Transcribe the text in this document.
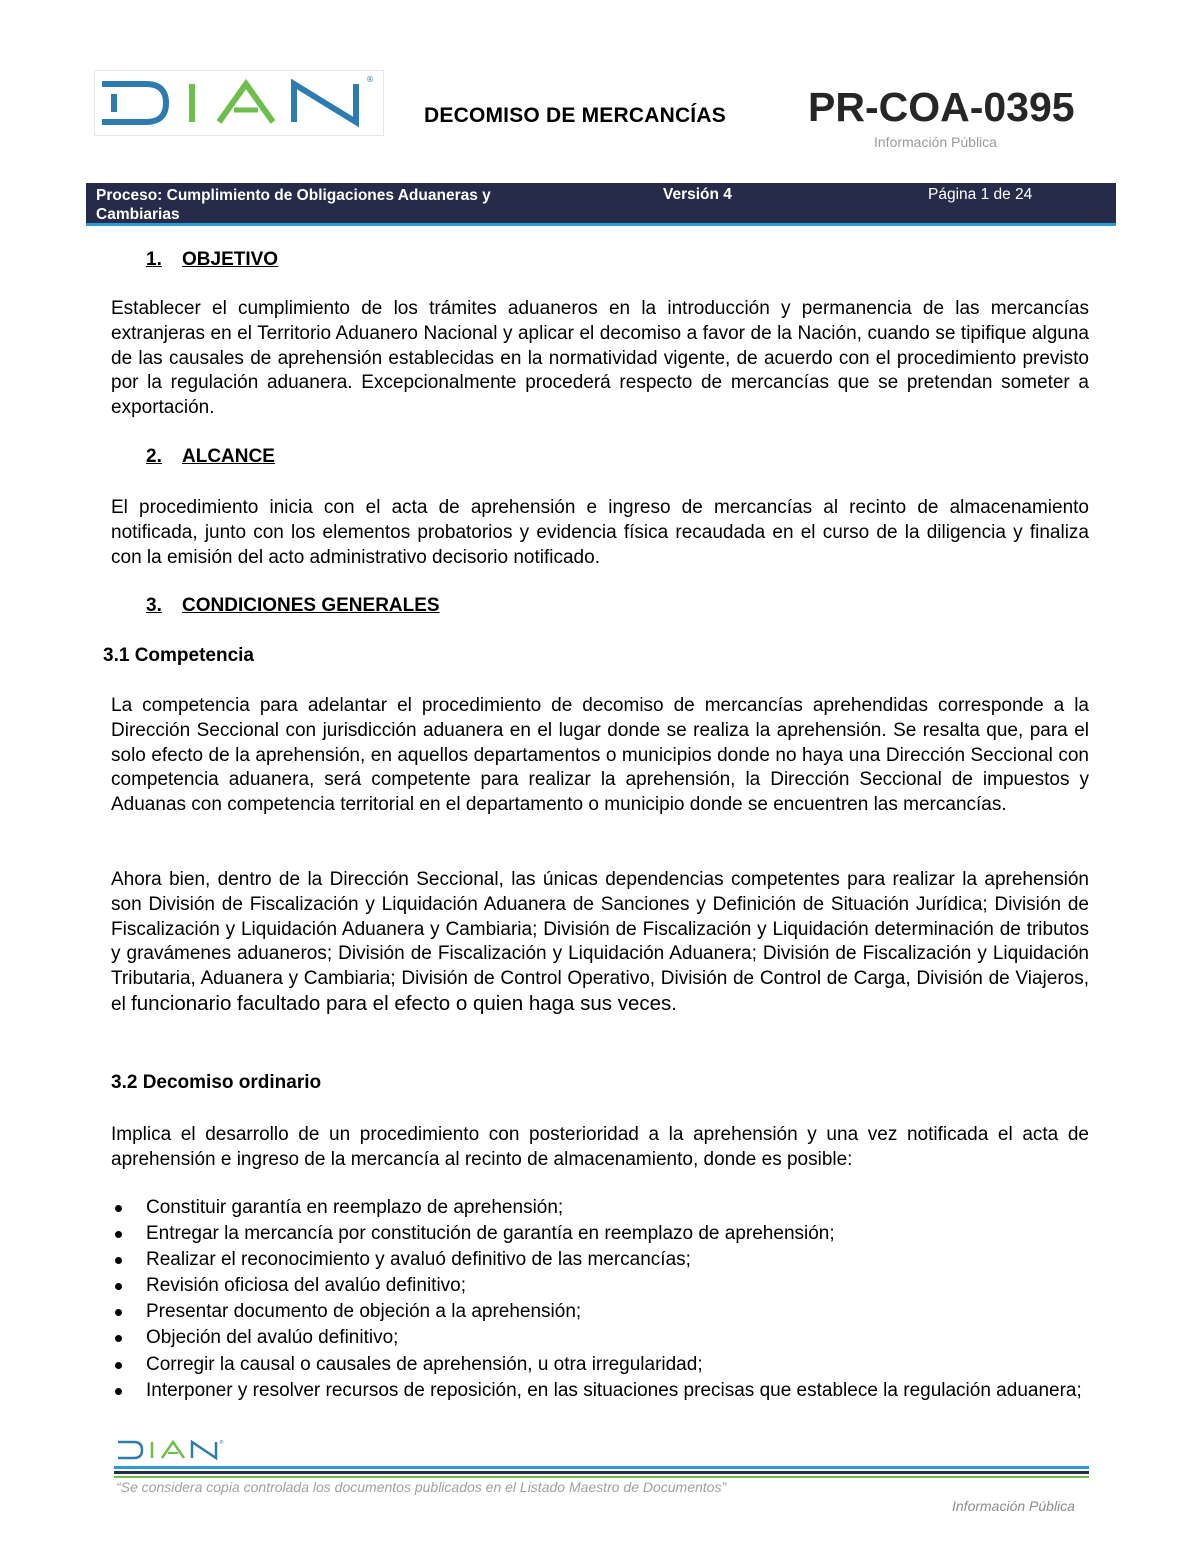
®
DECOMISO DE MERCANCÍAS PR-COA-0395
Información Pública
Proceso: Cumplimiento de Obligaciones Aduaneras y Cambiarias
Versión 4	Página 1 de 24
1. OBJETIVO
Establecer el cumplimiento de los trámites aduaneros en la introducción y permanencia de las mercancías extranjeras en el Territorio Aduanero Nacional y aplicar el decomiso a favor de la Nación, cuando se tipifique alguna de las causales de aprehensión establecidas en la normatividad vigente, de acuerdo con el procedimiento previsto por la regulación aduanera. Excepcionalmente procederá respecto de mercancías que se pretendan someter a exportación.
2. ALCANCE
El procedimiento inicia con el acta de aprehensión e ingreso de mercancías al recinto de almacenamiento notificada, junto con los elementos probatorios y evidencia física recaudada en el curso de la diligencia y finaliza con la emisión del acto administrativo decisorio notificado.
3. CONDICIONES GENERALES
3.1 Competencia
La competencia para adelantar el procedimiento de decomiso de mercancías aprehendidas corresponde a la Dirección Seccional con jurisdicción aduanera en el lugar donde se realiza la aprehensión. Se resalta que, para el solo efecto de la aprehensión, en aquellos departamentos o municipios donde no haya una Dirección Seccional con competencia aduanera, será competente para realizar la aprehensión, la Dirección Seccional de impuestos y Aduanas con competencia territorial en el departamento o municipio donde se encuentren las mercancías.
Ahora bien, dentro de la Dirección Seccional, las únicas dependencias competentes para realizar la aprehensión son División de Fiscalización y Liquidación Aduanera de Sanciones y Definición de Situación Jurídica; División de Fiscalización y Liquidación Aduanera y Cambiaria; División de Fiscalización y Liquidación determinación de tributos y gravámenes aduaneros; División de Fiscalización y Liquidación Aduanera; División de Fiscalización y Liquidación Tributaria, Aduanera y Cambiaria; División de Control Operativo, División de Control de Carga, División de Viajeros, el funcionario facultado para el efecto o quien haga sus veces.
3.2 Decomiso ordinario
Implica el desarrollo de un procedimiento con posterioridad a la aprehensión y una vez notificada el acta de aprehensión e ingreso de la mercancía al recinto de almacenamiento, donde es posible:
Constituir garantía en reemplazo de aprehensión;
Entregar la mercancía por constitución de garantía en reemplazo de aprehensión;
Realizar el reconocimiento y avaluó definitivo de las mercancías;
Revisión oficiosa del avalúo definitivo;
Presentar documento de objeción a la aprehensión;
Objeción del avalúo definitivo;
Corregir la causal o causales de aprehensión, u otra irregularidad;
Interponer y resolver recursos de reposición, en las situaciones precisas que establece la regulación aduanera;
®
“Se considera copia controlada los documentos publicados en el Listado Maestro de Documentos”
Información Pública
